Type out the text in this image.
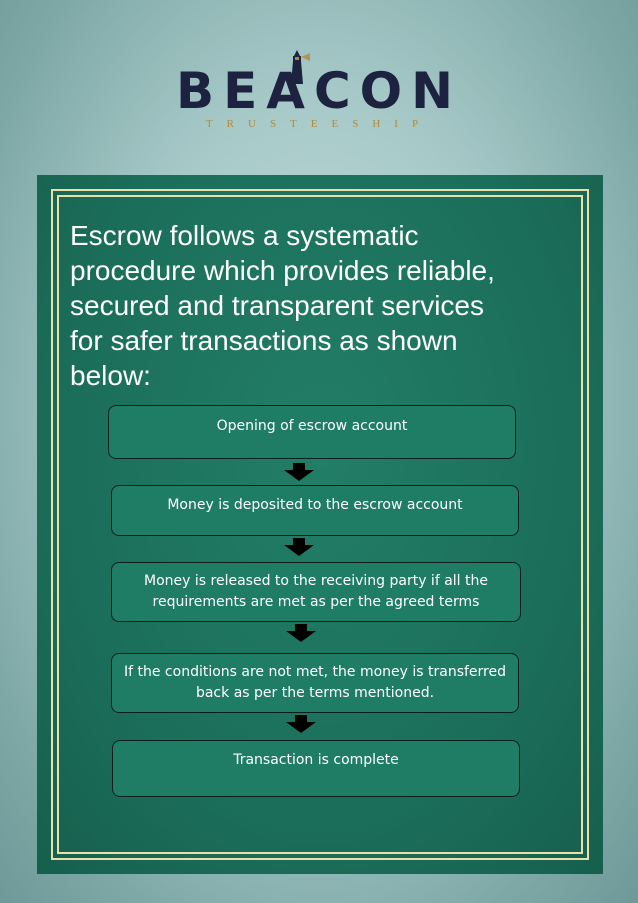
BEACON
TRUSTEESHIP
Escrow follows a systematic procedure which provides reliable, secured and transparent services for safer transactions as shown below:
Opening of escrow account
Money is deposited to the escrow account
Money is released to the receiving party if all the requirements are met as per the agreed terms
If the conditions are not met, the money is transferred back as per the terms mentioned.
Transaction is complete
